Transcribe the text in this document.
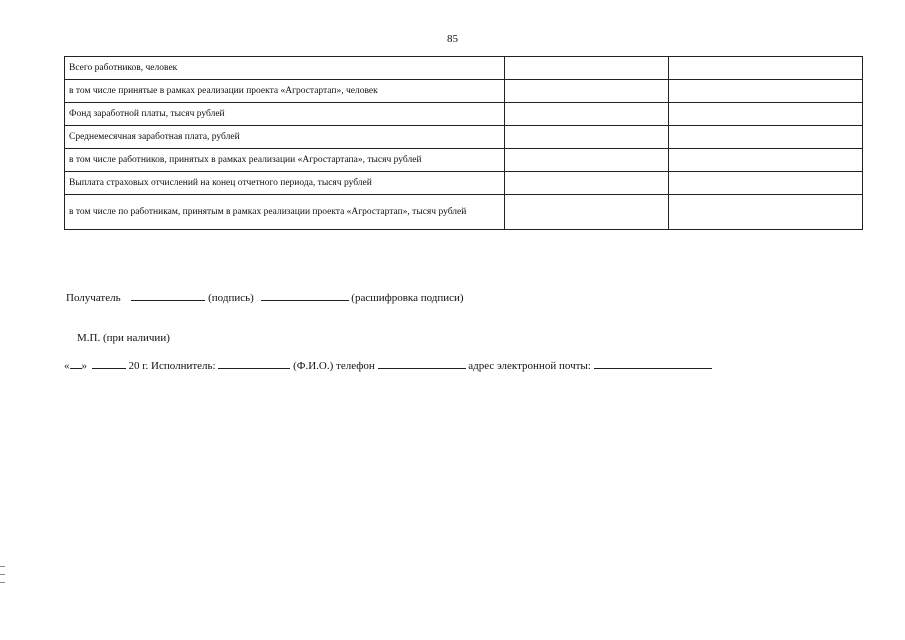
85
Всего работников, человек		
в том числе принятые в рамках реализации проекта «Агростартап», человек		
Фонд заработной платы, тысяч рублей		
Среднемесячная заработная плата, рублей		
в том числе работников, принятых в рамках реализации «Агростартапа», тысяч рублей		
Выплата страховых отчислений на конец отчетного периода, тысяч рублей		
в том числе по работникам, принятым в рамках реализации проекта «Агростартап», тысяч рублей		
Получатель	(подпись)	(расшифровка подписи)
М.П. (при наличии)
« »	20 г. Исполнитель:	(Ф.И.О.) телефон	адрес электронной почты:
